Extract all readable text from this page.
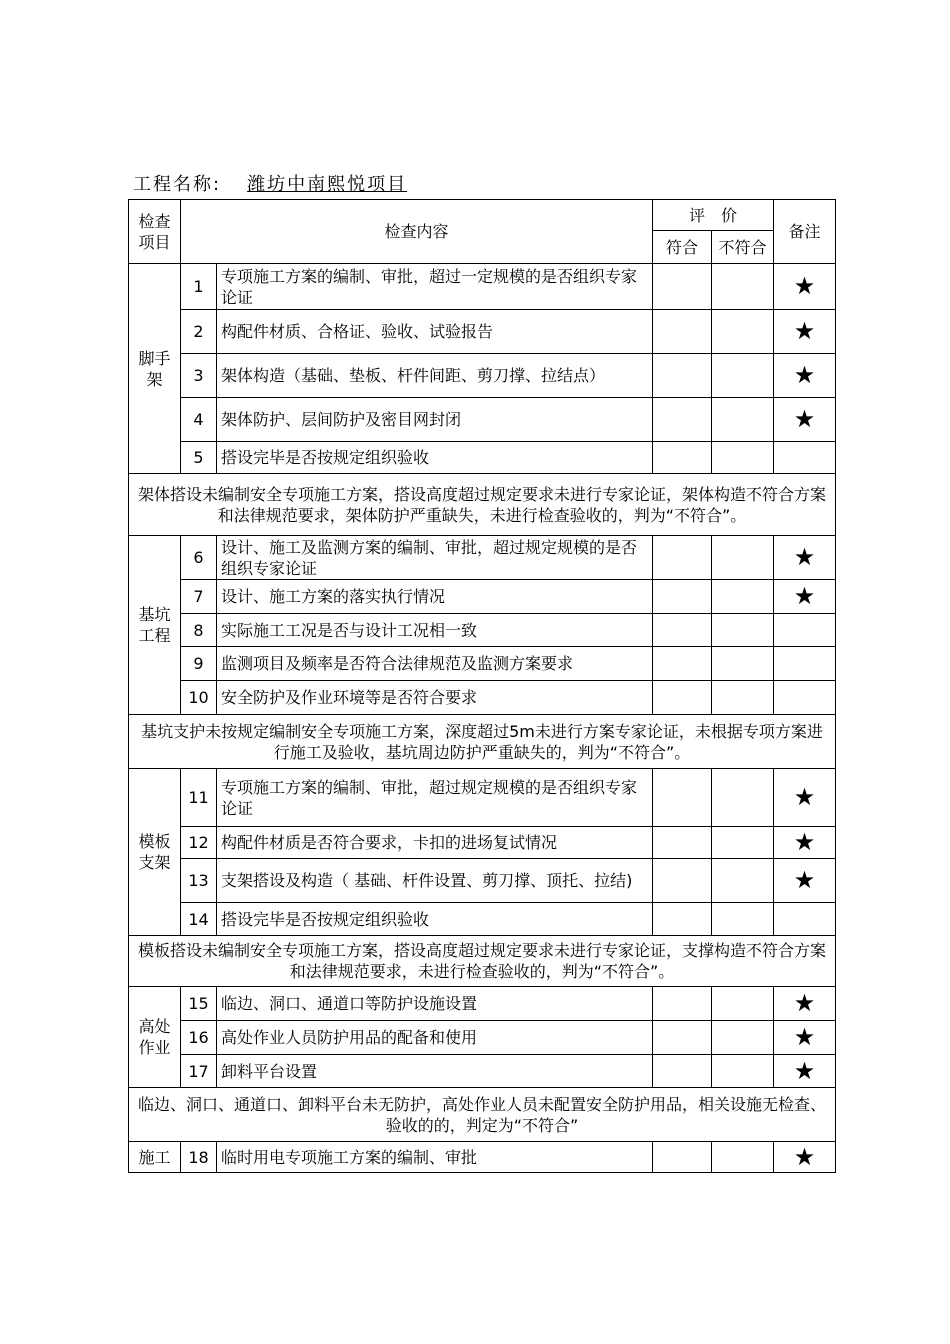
工程名称: 潍坊中南熙悦项目
检查项目	检查内容		评　价		备注
			符合	不符合	
脚手架	1	专项施工方案的编制、审批，超过一定规模的是否组织专家论证			★
	2	构配件材质、合格证、验收、试验报告			★
	3	架体构造（基础、垫板、杆件间距、剪刀撑、拉结点）			★
	4	架体防护、层间防护及密目网封闭			★
	5	搭设完毕是否按规定组织验收			
架体搭设未编制安全专项施工方案，搭设高度超过规定要求未进行专家论证，架体构造不符合方案和法律规范要求，架体防护严重缺失，未进行检查验收的，判为“不符合”。					
基坑工程	6	设计、施工及监测方案的编制、审批，超过规定规模的是否组织专家论证			★
	7	设计、施工方案的落实执行情况			★
	8	实际施工工况是否与设计工况相一致			
	9	监测项目及频率是否符合法律规范及监测方案要求			
	10	安全防护及作业环境等是否符合要求			
基坑支护未按规定编制安全专项施工方案，深度超过5m未进行方案专家论证，未根据专项方案进行施工及验收，基坑周边防护严重缺失的，判为“不符合”。					
模板支架	11	专项施工方案的编制、审批，超过规定规模的是否组织专家论证			★
	12	构配件材质是否符合要求，卡扣的进场复试情况			★
	13	支架搭设及构造（ 基础、杆件设置、剪刀撑、顶托、拉结)			★
	14	搭设完毕是否按规定组织验收			
模板搭设未编制安全专项施工方案，搭设高度超过规定要求未进行专家论证，支撑构造不符合方案和法律规范要求，未进行检查验收的，判为“不符合”。					
高处作业	15	临边、洞口、通道口等防护设施设置			★
	16	高处作业人员防护用品的配备和使用			★
	17	卸料平台设置			★
临边、洞口、通道口、卸料平台未无防护，高处作业人员未配置安全防护用品，相关设施无检查、验收的的，判定为“不符合”					
施工	18	临时用电专项施工方案的编制、审批			★
